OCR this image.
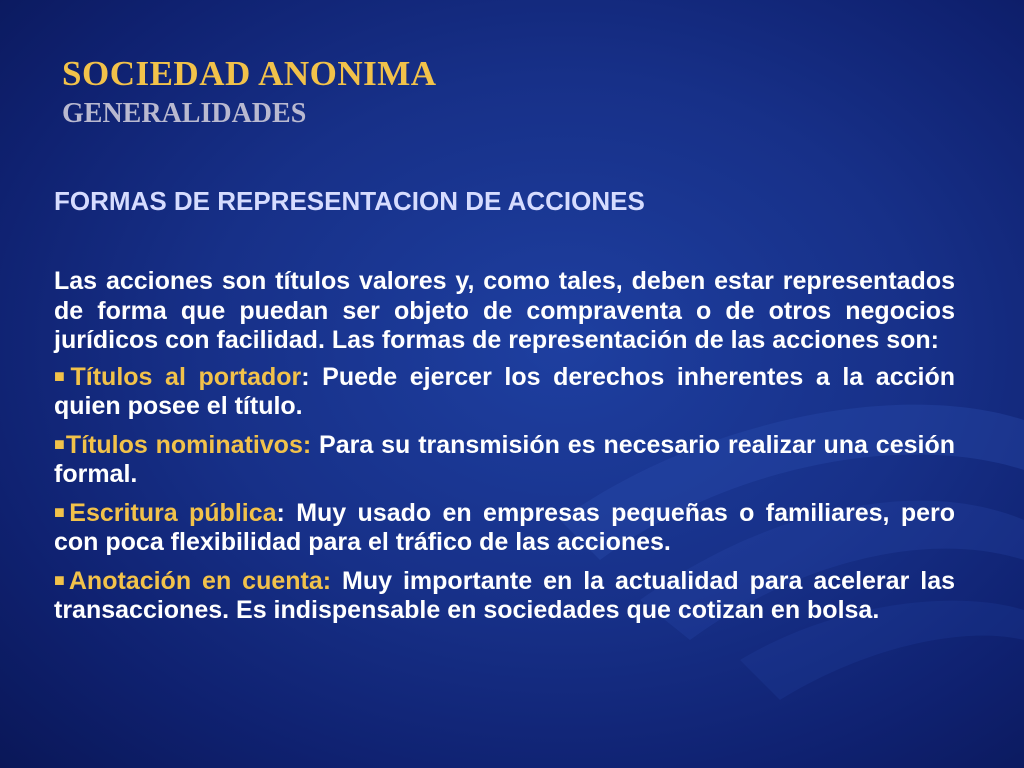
SOCIEDAD ANONIMA
GENERALIDADES
FORMAS DE REPRESENTACION DE ACCIONES
Las acciones son títulos valores y, como tales, deben estar representados de forma que puedan ser objeto de compraventa o de otros negocios jurídicos con facilidad. Las formas de representación de las acciones son:
■Títulos al portador: Puede ejercer los derechos inherentes a la acción quien posee el título.
■Títulos nominativos: Para su transmisión es necesario realizar una cesión formal.
■Escritura pública: Muy usado en empresas pequeñas o familiares, pero con poca flexibilidad para el tráfico de las acciones.
■Anotación en cuenta: Muy importante en la actualidad para acelerar las transacciones. Es indispensable en sociedades que cotizan en bolsa.
